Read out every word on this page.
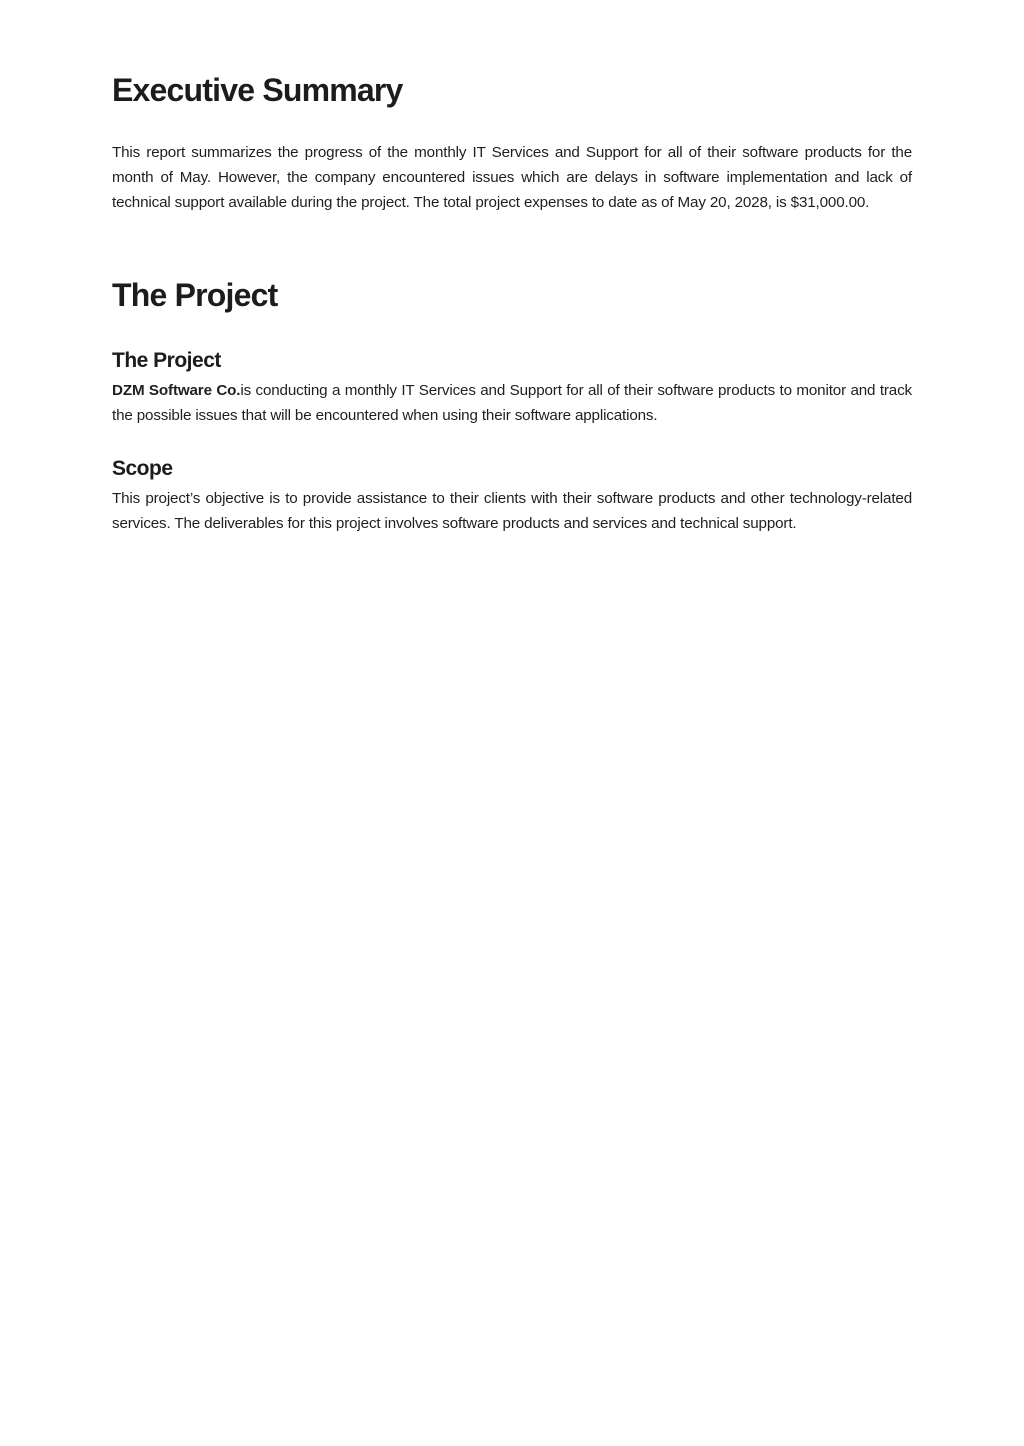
Executive Summary

This report summarizes the progress of the monthly IT Services and Support for all of their software products for the month of May. However, the company encountered issues which are delays in software implementation and lack of technical support available during the project. The total project expenses to date as of May 20, 2028, is $31,000.00.

The Project
The Project

DZM Software Co.is conducting a monthly IT Services and Support for all of their software products to monitor and track the possible issues that will be encountered when using their software applications.

Scope

This project’s objective is to provide assistance to their clients with their software products and other technology-related services. The deliverables for this project involves software products and services and technical support.
